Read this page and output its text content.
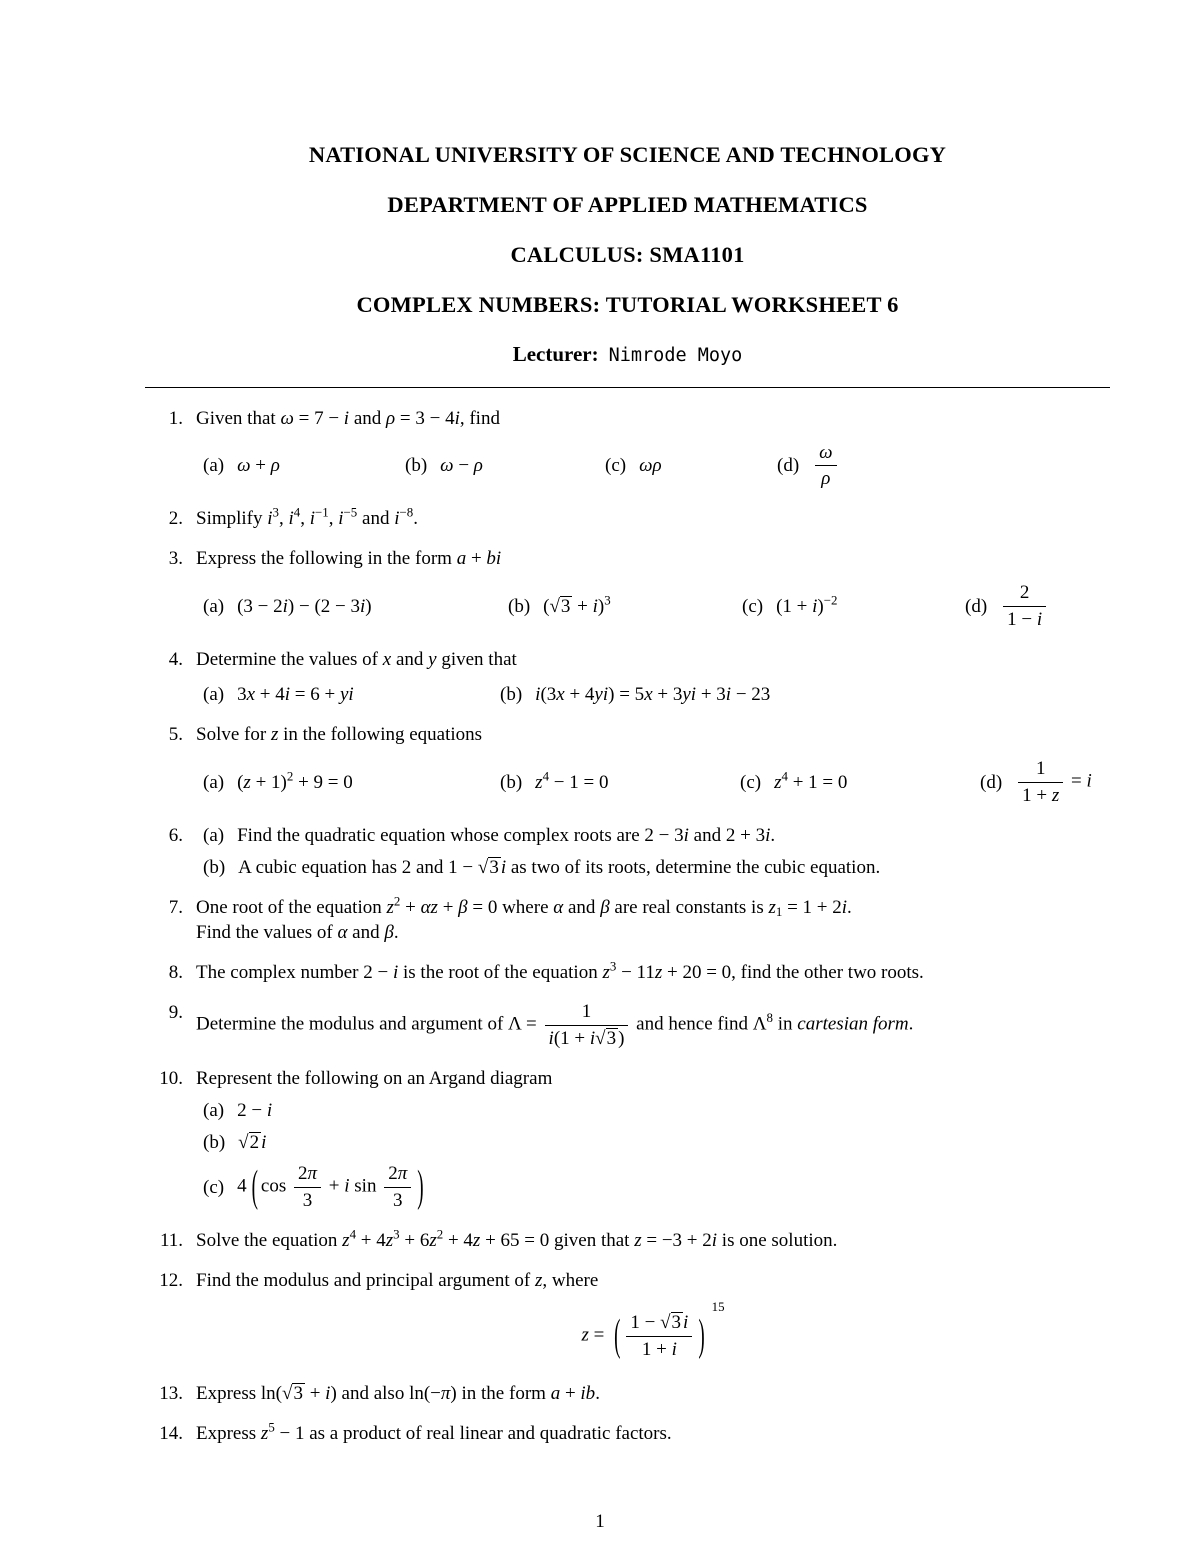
NATIONAL UNIVERSITY OF SCIENCE AND TECHNOLOGY
DEPARTMENT OF APPLIED MATHEMATICS
CALCULUS: SMA1101
COMPLEX NUMBERS: TUTORIAL WORKSHEET 6
Lecturer: Nimrode Moyo
1. Given that ω = 7 − i and ρ = 3 − 4i, find
(a) ω + ρ	(b) ω − ρ	(c) ωρ	$(d) \frac{\omega}{\rho}$
2. Simplify $i^3$, $i^4$, $i^{-1}$, $i^{-5}$ and $i^{-8}$.
3. Express the following in the form a + bi
(a) (3 − 2i) − (2 − 3i)	(b) $(√3 + i)^3$	(c) $(1 + i)^{-2}$	$(d) \frac{2}{1 - i}$
4. Determine the values of x and y given that
(a) 3x + 4i = 6 + yi	(b) i(3x + 4yi) = 5x + 3yi + 3i − 23
5. Solve for z in the following equations
(a) $(z + 1)^2 + 9 = 0$	(b) $z^4 - 1 = 0$	(c) $z^4 + 1 = 0$	$(d) \frac{1}{1 + z} = i$
6.	(a) Find the quadratic equation whose complex roots are 2 − 3i and 2 + 3i.
(b) A cubic equation has 2 and 1 − √3 i as two of its roots, determine the cubic equation.
7. One root of the equation $z^2 + \alpha z + \beta = 0$ where α and β are real constants is $z_1 = 1 + 2i$.
Find the values of α and β.
8. The complex number 2 − i is the root of the equation $z^3 - 11z + 20 = 0$, find the other two roots.
9.
Determine the modulus and argument of $\Lambda = \frac{1}{i(1 + i√3 )}$ and hence find $\Lambda^8$ in cartesian form.
10. Represent the following on an Argand diagram
(a) 2 − i
(b) √2 i
(c) 4 ( $\cos \frac{2\pi}{3} + i$ $\sin \frac{2\pi}{3}$ )
11. Solve the equation $z^4 + 4z^3 + 6z^2 + 4z + 65 = 0$ given that z = −3 + 2i is one solution.
12. Find the modulus and principal argument of z, where
z = ( $\frac{1 - √3 i}{1 + i}$ )
$^{15}$
13. Express ln(√3 + i) and also ln(−π) in the form a + ib.
14. Express $z^5 - 1$ as a product of real linear and quadratic factors.
1
